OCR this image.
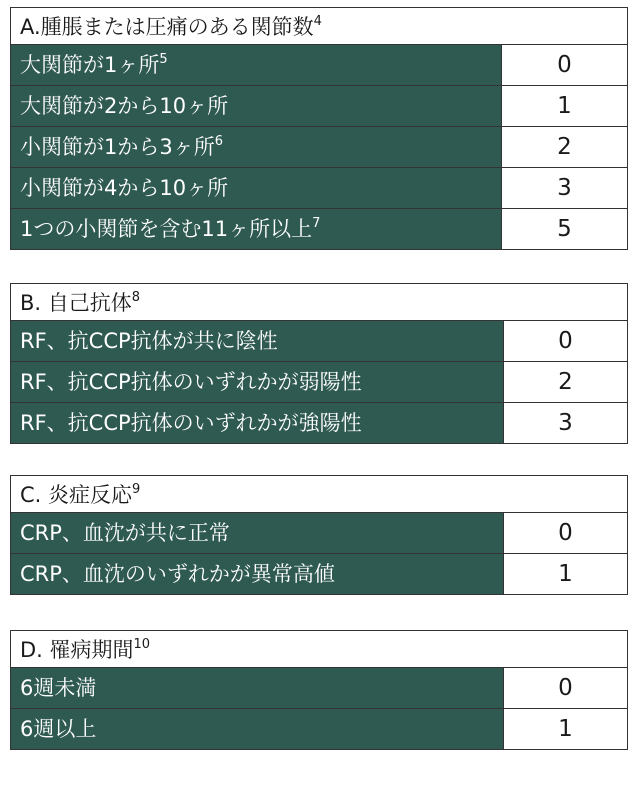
A.腫脹または圧痛のある関節数$^4$
大関節が1ヶ所$^5$	0
大関節が2から10ヶ所	1
小関節が1から3ヶ所$^6$	2
小関節が4から10ヶ所	3
1つの小関節を含む11ヶ所以上$^7$	5
B. 自己抗体$^8$
RF、抗CCP抗体が共に陰性	0
RF、抗CCP抗体のいずれかが弱陽性	2
RF、抗CCP抗体のいずれかが強陽性	3
C. 炎症反応$^9$
CRP、血沈が共に正常	0
CRP、血沈のいずれかが異常高値	1
D. 罹病期間$^{10}$
6週未満	0
6週以上	1
